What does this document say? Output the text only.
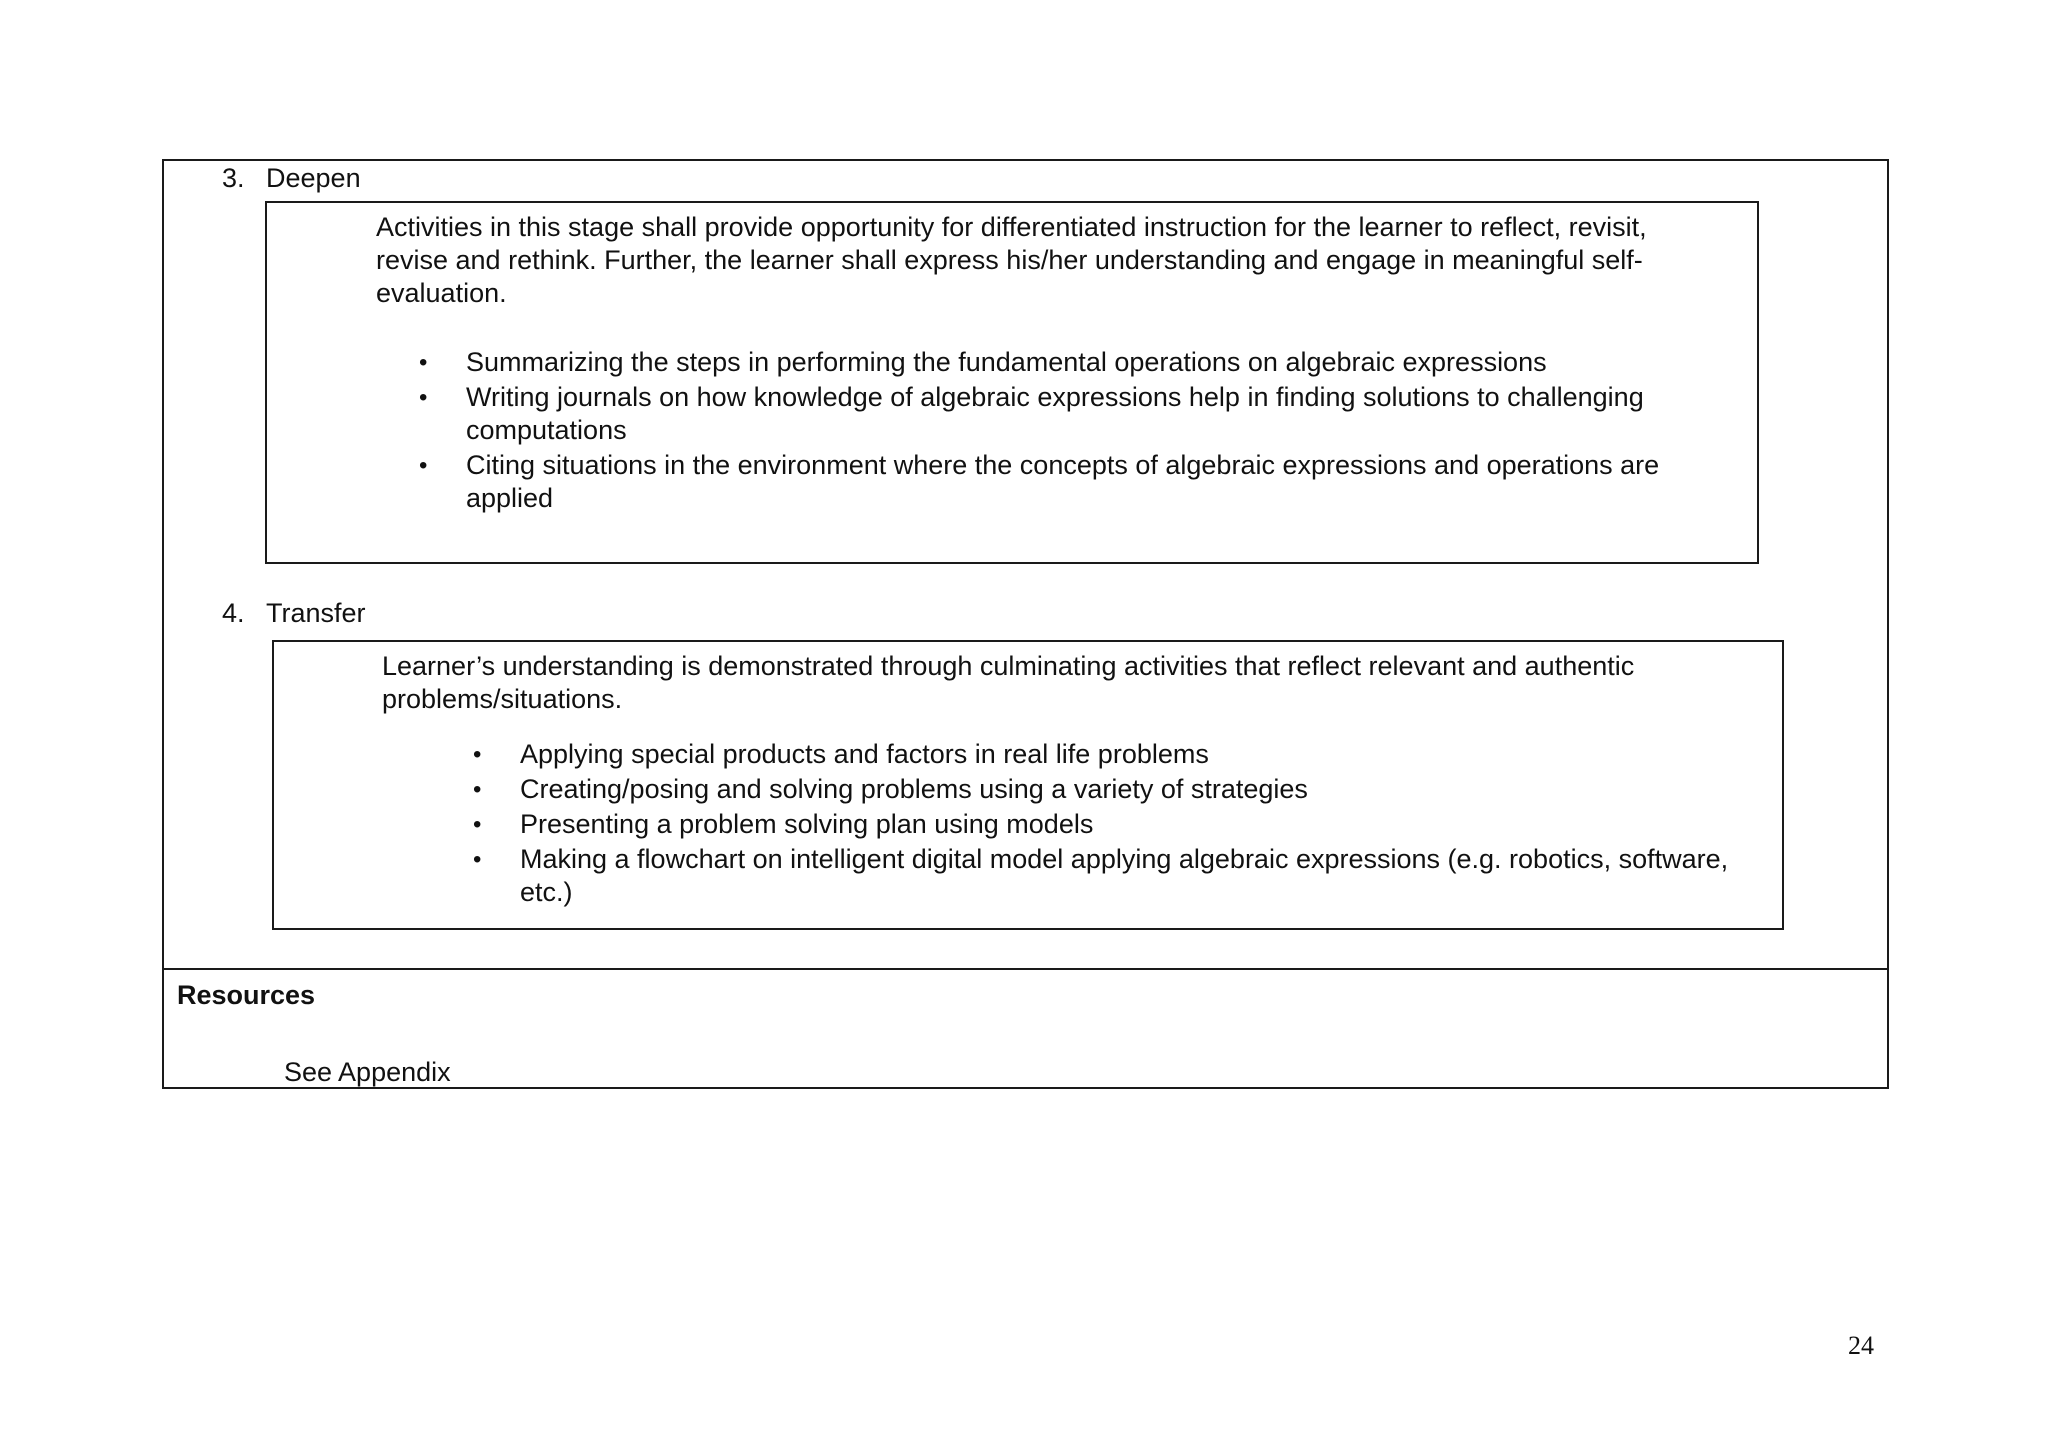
3. Deepen

Activities in this stage shall provide opportunity for differentiated instruction for the learner to reflect, revisit, revise and rethink. Further, the learner shall express his/her understanding and engage in meaningful self-evaluation.

• Summarizing the steps in performing the fundamental operations on algebraic expressions
• Writing journals on how knowledge of algebraic expressions help in finding solutions to challenging computations
• Citing situations in the environment where the concepts of algebraic expressions and operations are applied
4. Transfer

Learner’s understanding is demonstrated through culminating activities that reflect relevant and authentic problems/situations.

• Applying special products and factors in real life problems
• Creating/posing and solving problems using a variety of strategies
• Presenting a problem solving plan using models
• Making a flowchart on intelligent digital model applying algebraic expressions (e.g. robotics, software, etc.)
Resources
See Appendix
24
